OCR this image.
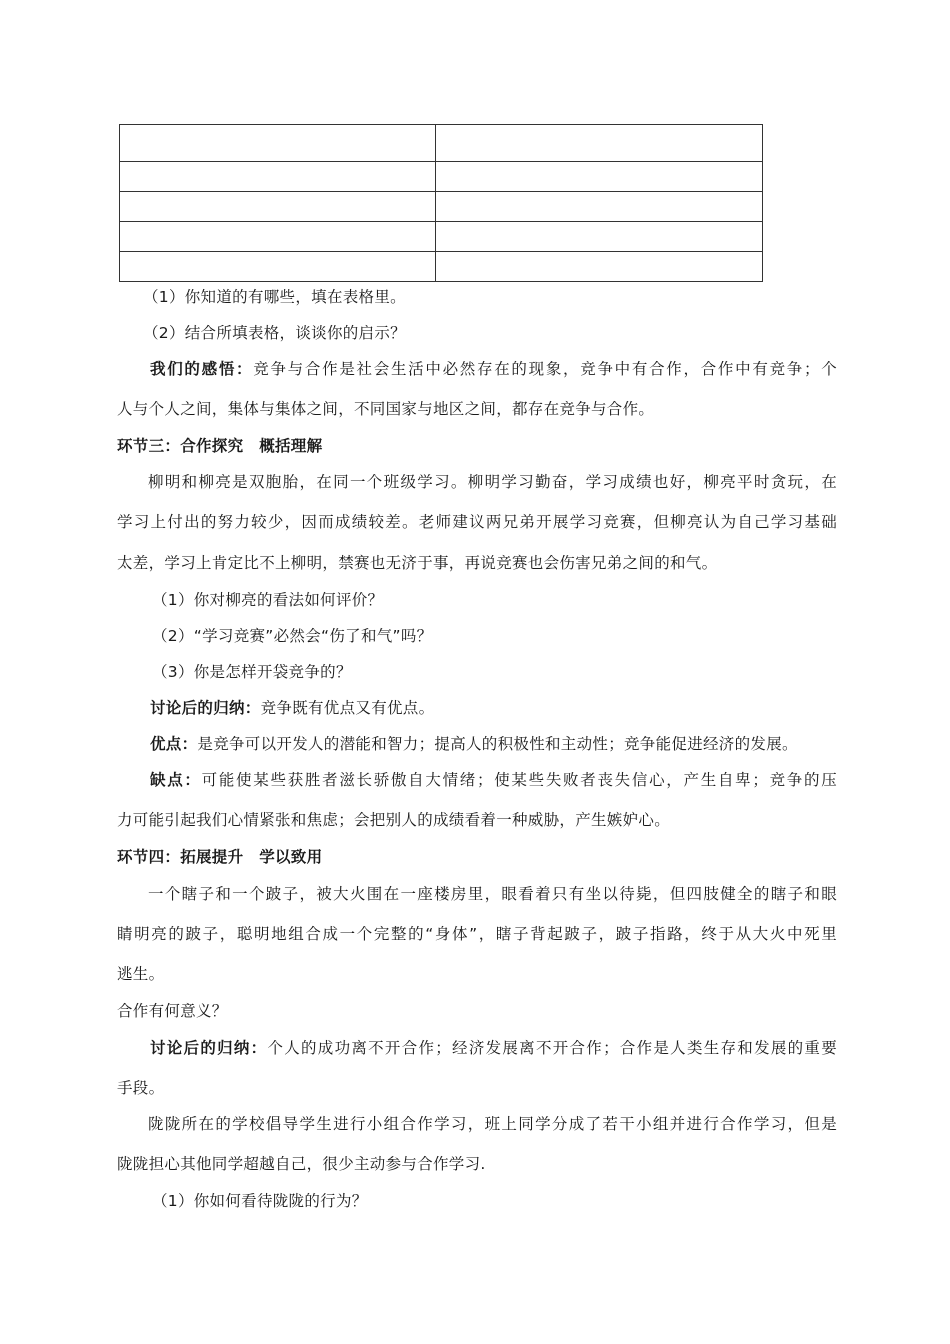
（1）你知道的有哪些，填在表格里。
（2）结合所填表格，谈谈你的启示？
我们的感悟：竞争与合作是社会生活中必然存在的现象，竞争中有合作，合作中有竞争；个
人与个人之间，集体与集体之间，不同国家与地区之间，都存在竞争与合作。
环节三：合作探究　概括理解
柳明和柳亮是双胞胎，在同一个班级学习。柳明学习勤奋，学习成绩也好，柳亮平时贪玩，在
学习上付出的努力较少，因而成绩较差。老师建议两兄弟开展学习竞赛，但柳亮认为自己学习基础
太差，学习上肯定比不上柳明，禁赛也无济于事，再说竞赛也会伤害兄弟之间的和气。
（1）你对柳亮的看法如何评价？
（2）“学习竞赛”必然会“伤了和气”吗？
（3）你是怎样开袋竞争的？
讨论后的归纳：竞争既有优点又有优点。
优点：是竞争可以开发人的潜能和智力；提高人的积极性和主动性；竞争能促进经济的发展。
缺点：可能使某些获胜者滋长骄傲自大情绪；使某些失败者丧失信心，产生自卑；竞争的压
力可能引起我们心情紧张和焦虑；会把别人的成绩看着一种威胁，产生嫉妒心。
环节四：拓展提升　学以致用
一个瞎子和一个跛子，被大火围在一座楼房里，眼看着只有坐以待毙，但四肢健全的瞎子和眼
睛明亮的跛子，聪明地组合成一个完整的“身体”，瞎子背起跛子，跛子指路，终于从大火中死里
逃生。
合作有何意义？
讨论后的归纳：个人的成功离不开合作；经济发展离不开合作；合作是人类生存和发展的重要
手段。
陇陇所在的学校倡导学生进行小组合作学习，班上同学分成了若干小组并进行合作学习，但是
陇陇担心其他同学超越自己，很少主动参与合作学习.
（1）你如何看待陇陇的行为？
